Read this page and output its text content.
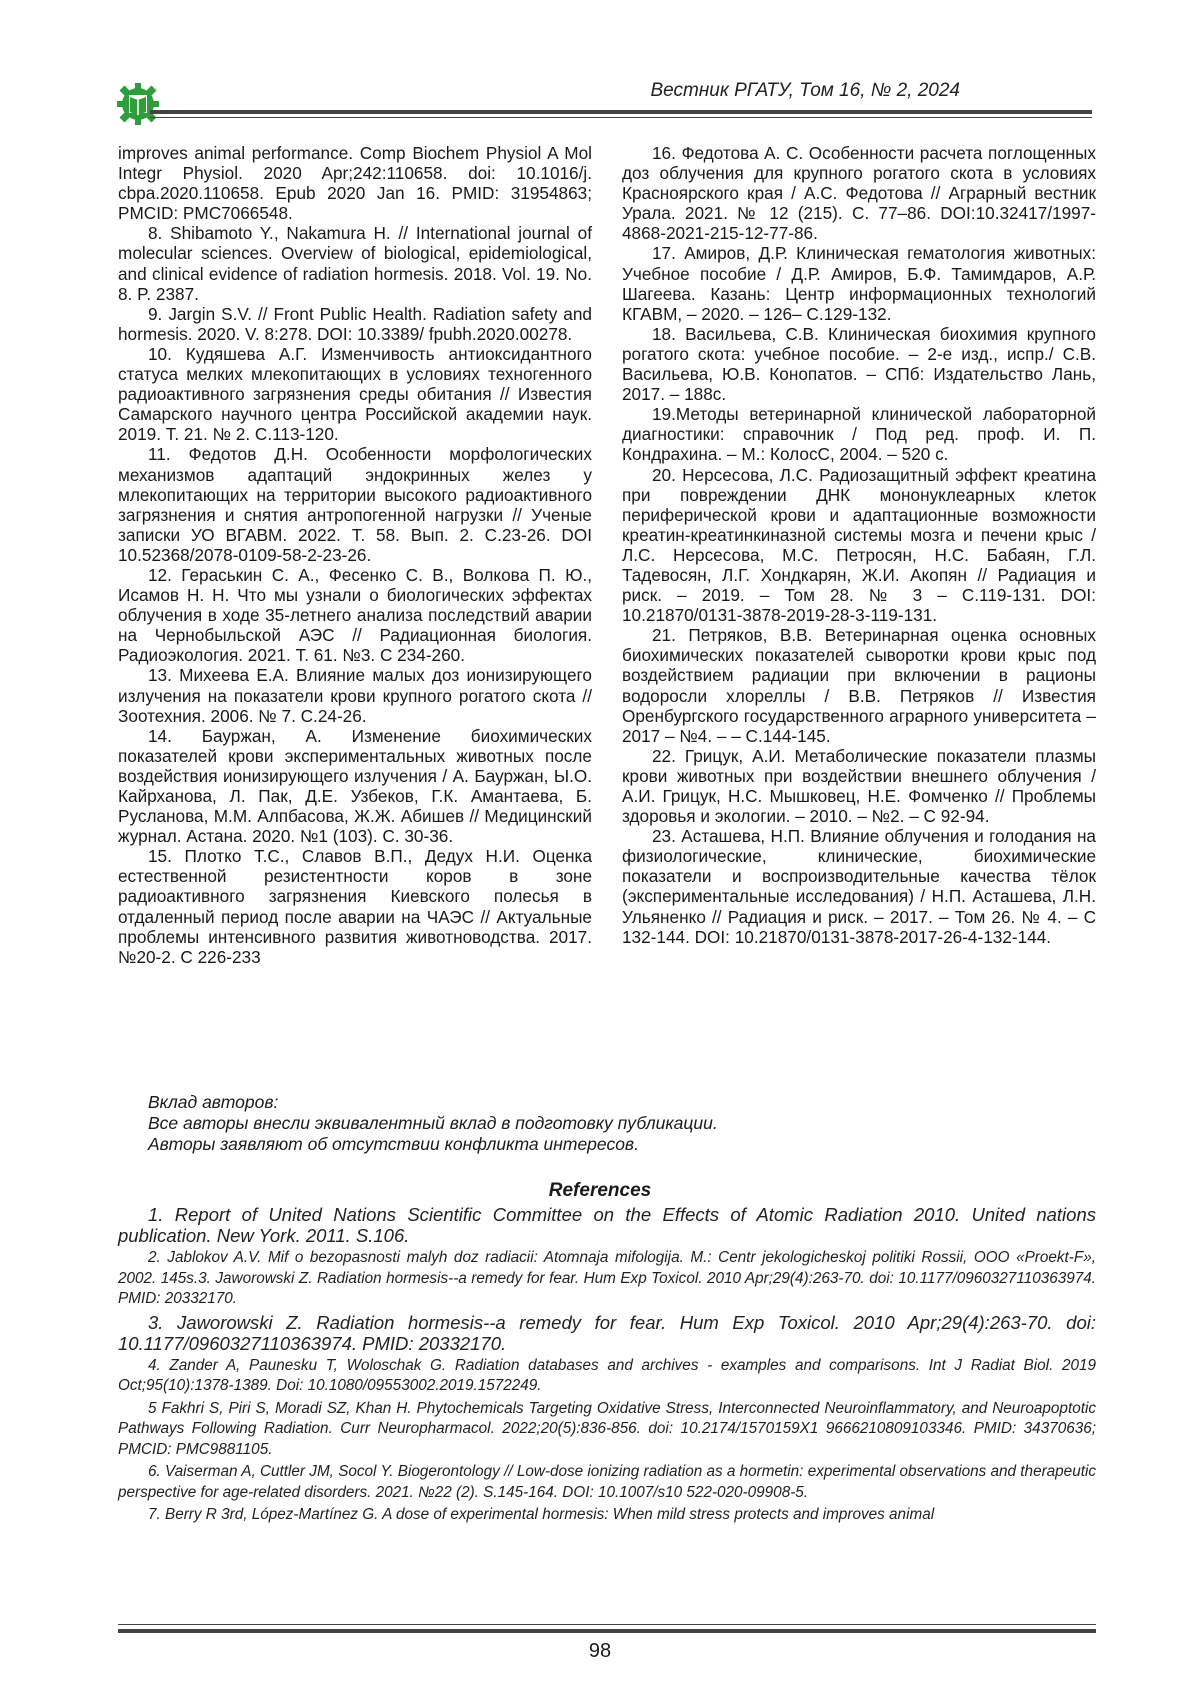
Вестник РГАТУ, Том 16, № 2, 2024

improves animal performance. Comp Biochem Physiol A Mol Integr Physiol. 2020 Apr;242:110658. doi: 10.1016/j. cbpa.2020.110658. Epub 2020 Jan 16. PMID: 31954863; PMCID: PMC7066548.

8. Shibamoto Y., Nakamura H. // International journal of molecular sciences. Overview of biological, epidemiological, and clinical evidence of radiation hormesis. 2018. Vol. 19. No. 8. P. 2387.

9. Jargin S.V. // Front Public Health. Radiation safety and hormesis. 2020. V. 8:278. DOI: 10.3389/ fpubh.2020.00278.

10. Кудяшева А.Г. Изменчивость антиоксидантного статуса мелких млекопитающих в условиях техногенного радиоактивного загрязнения среды обитания // Известия Самарского научного центра Российской академии наук. 2019. Т. 21. № 2. С.113-120.

11. Федотов Д.Н. Особенности морфологических механизмов адаптаций эндокринных желез у млекопитающих на территории высокого радиоактивного загрязнения и снятия антропогенной нагрузки // Ученые записки УО ВГАВМ. 2022. Т. 58. Вып. 2. С.23-26. DOI 10.52368/2078-0109-58-2-23-26.

12. Гераськин С. А., Фесенко С. В., Волкова П. Ю., Исамов Н. Н. Что мы узнали о биологических эффектах облучения в ходе 35-летнего анализа последствий аварии на Чернобыльской АЭС // Радиационная биология. Радиоэкология. 2021. Т. 61. №3. С 234-260.

13. Михеева Е.А. Влияние малых доз ионизирующего излучения на показатели крови крупного рогатого скота // Зоотехния. 2006. № 7. С.24-26.

14. Бауржан, А. Изменение биохимических показателей крови экспериментальных животных после воздействия ионизирующего излучения / А. Бауржан, Ы.О. Кайрханова, Л. Пак, Д.Е. Узбеков, Г.К. Амантаева, Б. Русланова, М.М. Алпбасова, Ж.Ж. Абишев // Медицинский журнал. Астана. 2020. №1 (103). С. 30-36.

15. Плотко Т.С., Славов В.П., Дедух Н.И. Оценка естественной резистентности коров в зоне радиоактивного загрязнения Киевского полесья в отдаленный период после аварии на ЧАЭС // Актуальные проблемы интенсивного развития животноводства. 2017. №20-2. С 226-233

16. Федотова А. С. Особенности расчета поглощенных доз облучения для крупного рогатого скота в условиях Красноярского края / А.С. Федотова // Аграрный вестник Урала. 2021. № 12 (215). С. 77–86. DOI:10.32417/1997-4868-2021-215-12-77-86.

17. Амиров, Д.Р. Клиническая гематология животных: Учебное пособие / Д.Р. Амиров, Б.Ф. Тамимдаров, А.Р. Шагеева. Казань: Центр информационных технологий КГАВМ, – 2020. – 126– С.129-132.

18. Васильева, С.В. Клиническая биохимия крупного рогатого скота: учебное пособие. – 2-е изд., испр./ С.В. Васильева, Ю.В. Конопатов. – СПб: Издательство Лань, 2017. – 188с.

19.Методы ветеринарной клинической лабораторной диагностики: справочник / Под ред. проф. И. П. Кондрахина. – М.: КолосС, 2004. – 520 с.

20. Нерсесова, Л.С. Радиозащитный эффект креатина при повреждении ДНК мононуклеарных клеток периферической крови и адаптационные возможности креатин-креатинкиназной системы мозга и печени крыс / Л.С. Нерсесова, М.С. Петросян, Н.С. Бабаян, Г.Л. Тадевосян, Л.Г. Хондкарян, Ж.И. Акопян // Радиация и риск. – 2019. – Том 28. № 3 – С.119-131. DOI: 10.21870/0131-3878-2019-28-3-119-131.

21. Петряков, В.В. Ветеринарная оценка основных биохимических показателей сыворотки крови крыс под воздействием радиации при включении в рационы водоросли хлореллы / В.В. Петряков // Известия Оренбургского государственного аграрного университета – 2017 – №4. – – С.144-145.

22. Грицук, А.И. Метаболические показатели плазмы крови животных при воздействии внешнего облучения / А.И. Грицук, Н.С. Мышковец, Н.Е. Фомченко // Проблемы здоровья и экологии. – 2010. – №2. – С 92-94.

23. Асташева, Н.П. Влияние облучения и голодания на физиологические, клинические, биохимические показатели и воспроизводительные качества тёлок (экспериментальные исследования) / Н.П. Асташева, Л.Н. Ульяненко // Радиация и риск. – 2017. – Том 26. № 4. – С 132-144. DOI: 10.21870/0131-3878-2017-26-4-132-144.

Вклад авторов:
Все авторы внесли эквивалентный вклад в подготовку публикации.
Авторы заявляют об отсутствии конфликта интересов.
References

1. Report of United Nations Scientific Committee on the Effects of Atomic Radiation 2010. United nations publication. New York. 2011. S.106.

2. Jablokov A.V. Mif o bezopasnosti malyh doz radiacii: Atomnaja mifologija. M.: Centr jekologicheskoj politiki Rossii, OOO «Proekt-F», 2002. 145s.3. Jaworowski Z. Radiation hormesis--a remedy for fear. Hum Exp Toxicol. 2010 Apr;29(4):263-70. doi: 10.1177/0960327110363974. PMID: 20332170.

3. Jaworowski Z. Radiation hormesis--a remedy for fear. Hum Exp Toxicol. 2010 Apr;29(4):263-70. doi: 10.1177/0960327110363974. PMID: 20332170.

4. Zander A, Paunesku T, Woloschak G. Radiation databases and archives - examples and comparisons. Int J Radiat Biol. 2019 Oct;95(10):1378-1389. Doi: 10.1080/09553002.2019.1572249.

5 Fakhri S, Piri S, Moradi SZ, Khan H. Phytochemicals Targeting Oxidative Stress, Interconnected Neuroinflammatory, and Neuroapoptotic Pathways Following Radiation. Curr Neuropharmacol. 2022;20(5):836-856. doi: 10.2174/1570159X1 9666210809103346. PMID: 34370636; PMCID: PMC9881105.

6. Vaiserman A, Cuttler JM, Socol Y. Biogerontology // Low-dose ionizing radiation as a hormetin: experimental observations and therapeutic perspective for age-related disorders. 2021. №22 (2). S.145-164. DOI: 10.1007/s10 522-020-09908-5.

7. Berry R 3rd, López-Martínez G. A dose of experimental hormesis: When mild stress protects and improves animal

98
